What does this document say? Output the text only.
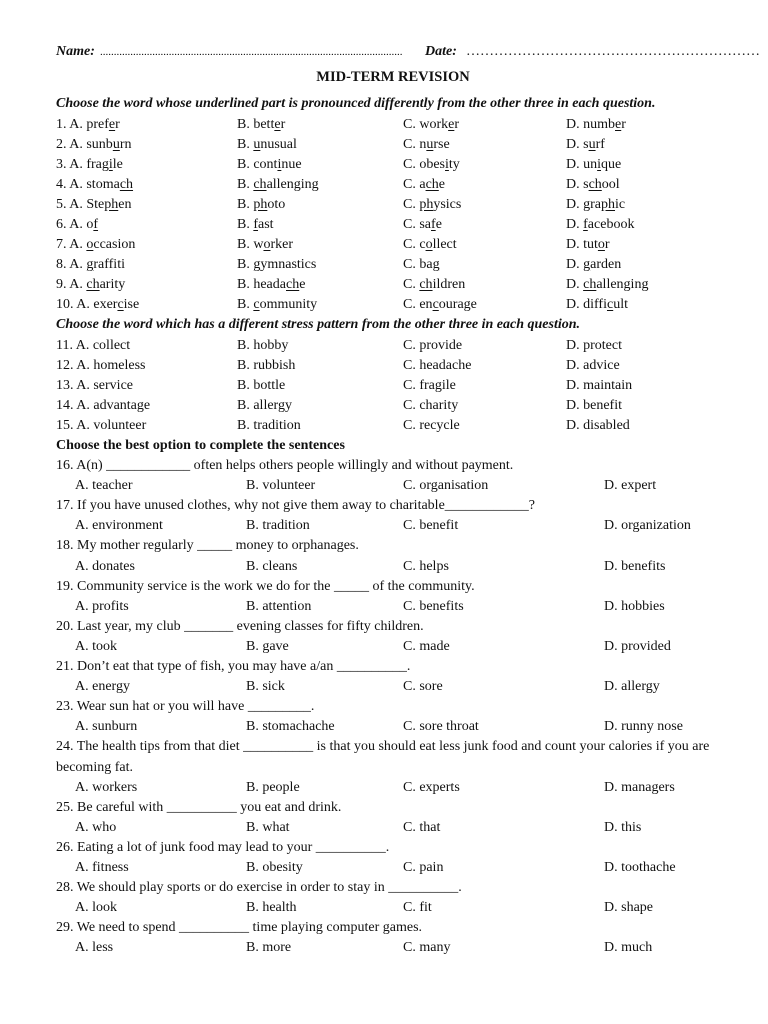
Name: .............................................................................................................. Date: ………………………………………………………
MID-TERM REVISION
Choose the word whose underlined part is pronounced differently from the other three in each question.
1. A. prefer	B. better	C. worker	D. number
2. A. sunburn	B. unusual	C. nurse	D. surf
3. A. fragile	B. continue	C. obesity	D. unique
4. A. stomach	B. challenging	C. ache	D. school
5. A. Stephen	B. photo	C. physics	D. graphic
6. A. of	B. fast	C. safe	D. facebook
7. A. occasion	B. worker	C. collect	D. tutor
8. A. graffiti	B. gymnastics	C. bag	D. garden
9. A. charity	B. headache	C. children	D. challenging
10. A. exercise	B. community	C. encourage	D. difficult
Choose the word which has a different stress pattern from the other three in each question.
11. A. collect	B. hobby	C. provide	D. protect
12. A. homeless	B. rubbish	C. headache	D. advice
13. A. service	B. bottle	C. fragile	D. maintain
14. A. advantage	B. allergy	C. charity	D. benefit
15. A. volunteer	B. tradition	C. recycle	D. disabled
Choose the best option to complete the sentences
16. A(n) ____________ often helps others people willingly and without payment.
A. teacher	B. volunteer	C. organisation	D. expert
17. If you have unused clothes, why not give them away to charitable____________?
A. environment	B. tradition	C. benefit	D. organization
18. My mother regularly _____ money to orphanages.
A. donates	B. cleans	C. helps	D. benefits
19. Community service is the work we do for the _____ of the community.
A. profits	B. attention	C. benefits	D. hobbies
20. Last year, my club _______ evening classes for fifty children.
A. took	B. gave	C. made	D. provided
21. Don’t eat that type of fish, you may have a/an __________.
A. energy	B. sick	C. sore	D. allergy
23. Wear sun hat or you will have _________.
A. sunburn	B. stomachache	C. sore throat	D. runny nose
24. The health tips from that diet __________ is that you should eat less junk food and count your calories if you are becoming fat.
A. workers	B. people	C. experts	D. managers
25. Be careful with __________ you eat and drink.
A. who	B. what	C. that	D. this
26. Eating a lot of junk food may lead to your __________.
A. fitness	B. obesity	C. pain	D. toothache
28. We should play sports or do exercise in order to stay in __________.
A. look	B. health	C. fit	D. shape
29. We need to spend __________ time playing computer games.
A. less	B. more	C. many	D. much
